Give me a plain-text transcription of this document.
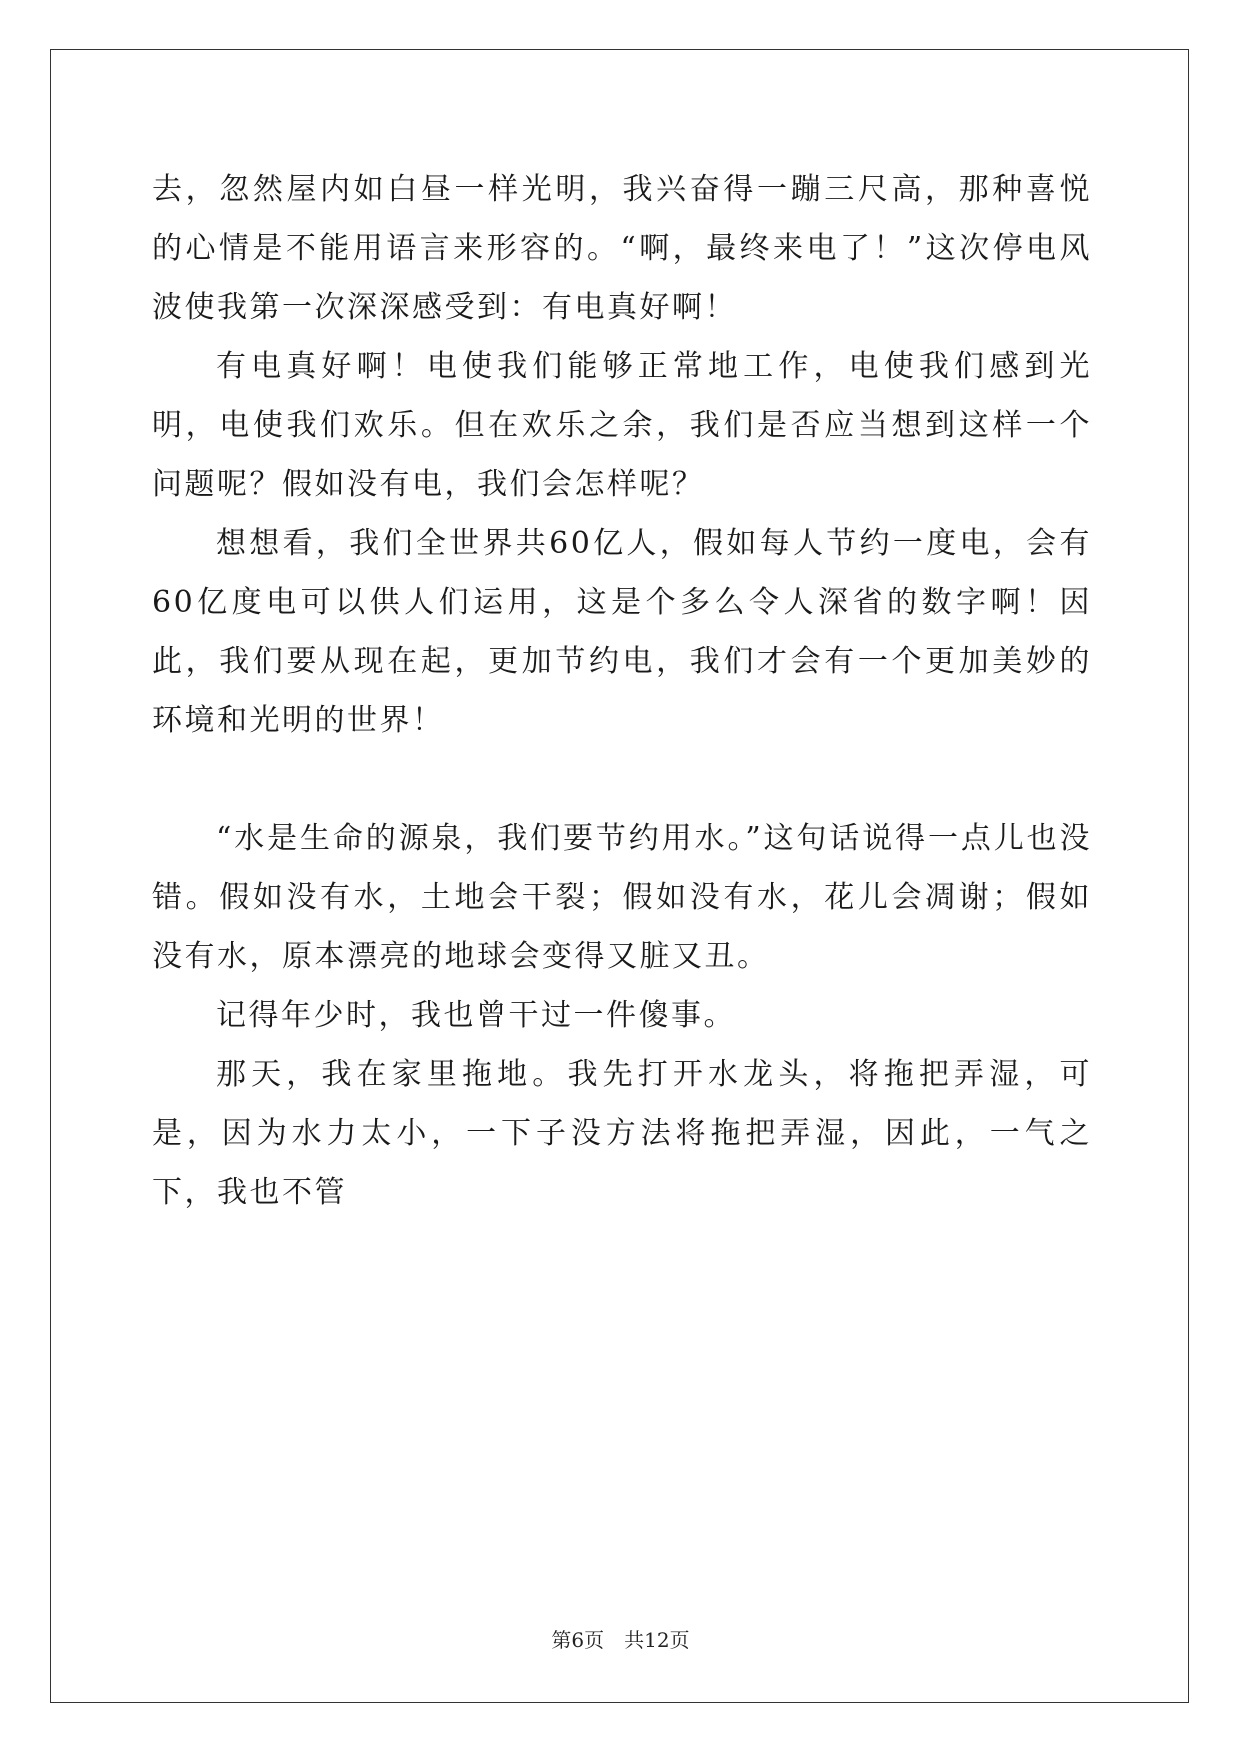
去，忽然屋内如白昼一样光明，我兴奋得一蹦三尺高，那种喜悦的心情是不能用语言来形容的。“啊，最终来电了！”这次停电风波使我第一次深深感受到：有电真好啊！

有电真好啊！电使我们能够正常地工作，电使我们感到光明，电使我们欢乐。但在欢乐之余，我们是否应当想到这样一个问题呢？假如没有电，我们会怎样呢？

想想看，我们全世界共60亿人，假如每人节约一度电，会有60亿度电可以供人们运用，这是个多么令人深省的数字啊！因此，我们要从现在起，更加节约电，我们才会有一个更加美妙的环境和光明的世界！

“水是生命的源泉，我们要节约用水。”这句话说得一点儿也没错。假如没有水，土地会干裂；假如没有水，花儿会凋谢；假如没有水，原本漂亮的地球会变得又脏又丑。

记得年少时，我也曾干过一件傻事。

那天，我在家里拖地。我先打开水龙头，将拖把弄湿，可是，因为水力太小，一下子没方法将拖把弄湿，因此，一气之下，我也不管

第6页　共12页
